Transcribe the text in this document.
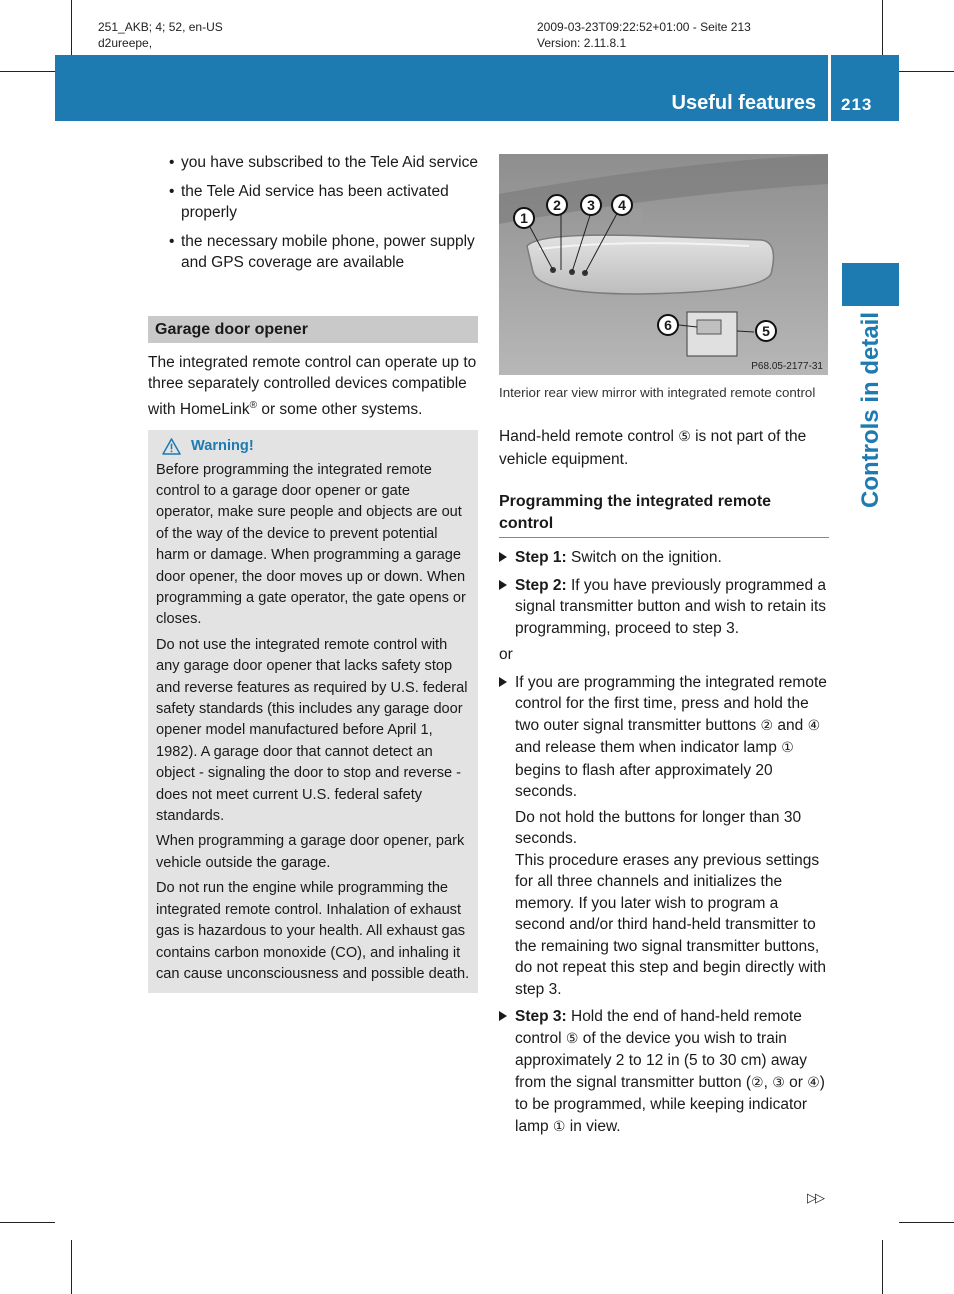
251_AKB; 4; 52, en-US
d2ureepe,
2009-03-23T09:22:52+01:00 - Seite 213
Version: 2.11.8.1
Useful features 213
Controls in detail
• you have subscribed to the Tele Aid service
• the Tele Aid service has been activated properly
• the necessary mobile phone, power supply and GPS coverage are available
Garage door opener
The integrated remote control can operate up to three separately controlled devices compatible with HomeLink® or some other systems.
Warning!
Before programming the integrated remote control to a garage door opener or gate operator, make sure people and objects are out of the way of the device to prevent potential harm or damage. When programming a garage door opener, the door moves up or down. When programming a gate operator, the gate opens or closes.
Do not use the integrated remote control with any garage door opener that lacks safety stop and reverse features as required by U.S. federal safety standards (this includes any garage door opener model manufactured before April 1, 1982). A garage door that cannot detect an object - signaling the door to stop and reverse - does not meet current U.S. federal safety standards.
When programming a garage door opener, park vehicle outside the garage.
Do not run the engine while programming the integrated remote control. Inhalation of exhaust gas is hazardous to your health. All exhaust gas contains carbon monoxide (CO), and inhaling it can cause unconsciousness and possible death.
1
2	3	4
5
6
P68.05-2177-31
Interior rear view mirror with integrated remote control
Hand-held remote control ⑤ is not part of the vehicle equipment.
Programming the integrated remote control
Step 1: Switch on the ignition.
Step 2: If you have previously programmed a signal transmitter button and wish to retain its programming, proceed to step 3.
or
If you are programming the integrated remote control for the first time, press and hold the two outer signal transmitter buttons ② and ④ and release them when indicator lamp ① begins to flash after approximately 20 seconds.
Do not hold the buttons for longer than 30 seconds.
This procedure erases any previous settings for all three channels and initializes the memory. If you later wish to program a second and/or third hand-held transmitter to the remaining two signal transmitter buttons, do not repeat this step and begin directly with step 3.
Step 3: Hold the end of hand-held remote control ⑤ of the device you wish to train approximately 2 to 12 in (5 to 30 cm) away from the signal transmitter button (②, ③ or ④) to be programmed, while keeping indicator lamp ① in view.
▷▷
